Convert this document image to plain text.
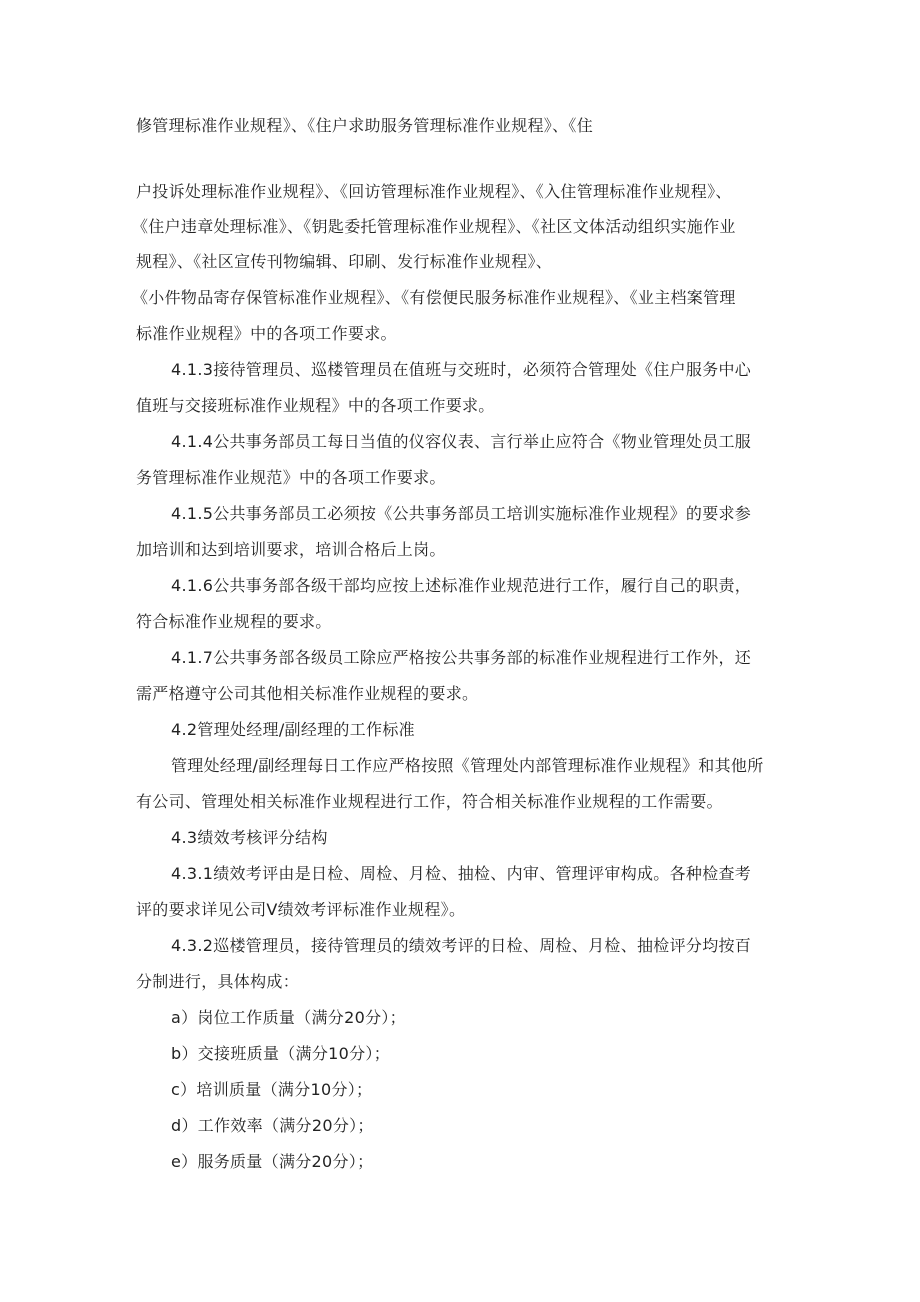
修管理标准作业规程》、《住户求助服务管理标准作业规程》、《住
户投诉处理标准作业规程》、《回访管理标准作业规程》、《入住管理标准作业规程》、
《住户违章处理标准》、《钥匙委托管理标准作业规程》、《社区文体活动组织实施作业
规程》、《社区宣传刊物编辑、印刷、发行标准作业规程》、
《小件物品寄存保管标准作业规程》、《有偿便民服务标准作业规程》、《业主档案管理
标准作业规程》中的各项工作要求。
4.1.3接待管理员、巡楼管理员在值班与交班时，必须符合管理处《住户服务中心
值班与交接班标准作业规程》中的各项工作要求。
4.1.4公共事务部员工每日当值的仪容仪表、言行举止应符合《物业管理处员工服
务管理标准作业规范》中的各项工作要求。
4.1.5公共事务部员工必须按《公共事务部员工培训实施标准作业规程》的要求参
加培训和达到培训要求，培训合格后上岗。
4.1.6公共事务部各级干部均应按上述标准作业规范进行工作，履行自己的职责，
符合标准作业规程的要求。
4.1.7公共事务部各级员工除应严格按公共事务部的标准作业规程进行工作外，还
需严格遵守公司其他相关标准作业规程的要求。
4.2管理处经理/副经理的工作标准
管理处经理/副经理每日工作应严格按照《管理处内部管理标准作业规程》和其他所
有公司、管理处相关标准作业规程进行工作，符合相关标准作业规程的工作需要。
4.3绩效考核评分结构
4.3.1绩效考评由是日检、周检、月检、抽检、内审、管理评审构成。各种检查考
评的要求详见公司V绩效考评标准作业规程》。
4.3.2巡楼管理员，接待管理员的绩效考评的日检、周检、月检、抽检评分均按百
分制进行，具体构成：
a）岗位工作质量（满分20分）；
b）交接班质量（满分10分）；
c）培训质量（满分10分）；
d）工作效率（满分20分）；
e）服务质量（满分20分）；
